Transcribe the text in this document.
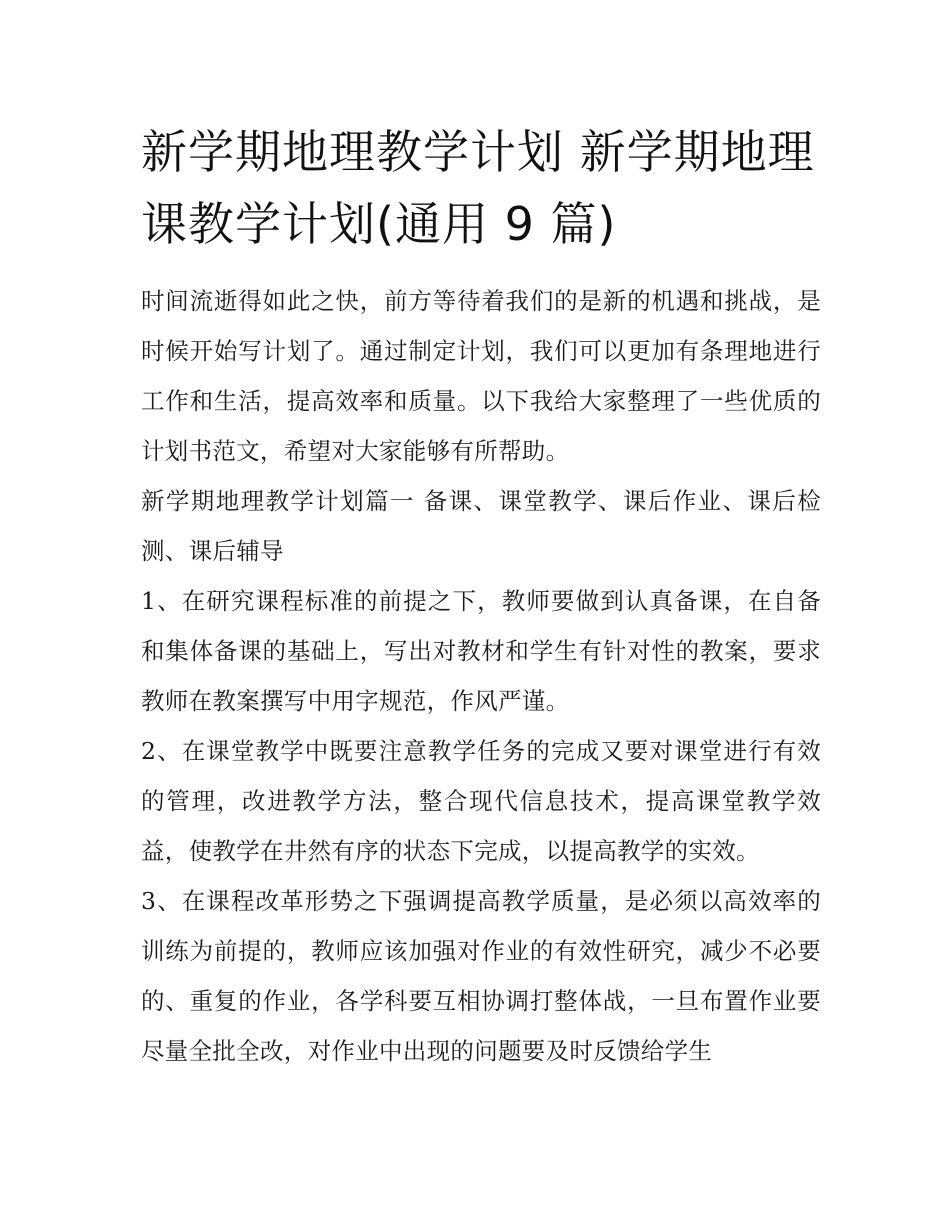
新学期地理教学计划 新学期地理课教学计划(通用 9 篇)

时间流逝得如此之快，前方等待着我们的是新的机遇和挑战，是时候开始写计划了。通过制定计划，我们可以更加有条理地进行工作和生活，提高效率和质量。以下我给大家整理了一些优质的计划书范文，希望对大家能够有所帮助。

新学期地理教学计划篇一 备课、课堂教学、课后作业、课后检测、课后辅导

1、在研究课程标准的前提之下，教师要做到认真备课，在自备和集体备课的基础上，写出对教材和学生有针对性的教案，要求教师在教案撰写中用字规范，作风严谨。

2、在课堂教学中既要注意教学任务的完成又要对课堂进行有效的管理，改进教学方法，整合现代信息技术，提高课堂教学效益，使教学在井然有序的状态下完成，以提高教学的实效。

3、在课程改革形势之下强调提高教学质量，是必须以高效率的训练为前提的，教师应该加强对作业的有效性研究，减少不必要的、重复的作业，各学科要互相协调打整体战，一旦布置作业要尽量全批全改，对作业中出现的问题要及时反馈给学生
